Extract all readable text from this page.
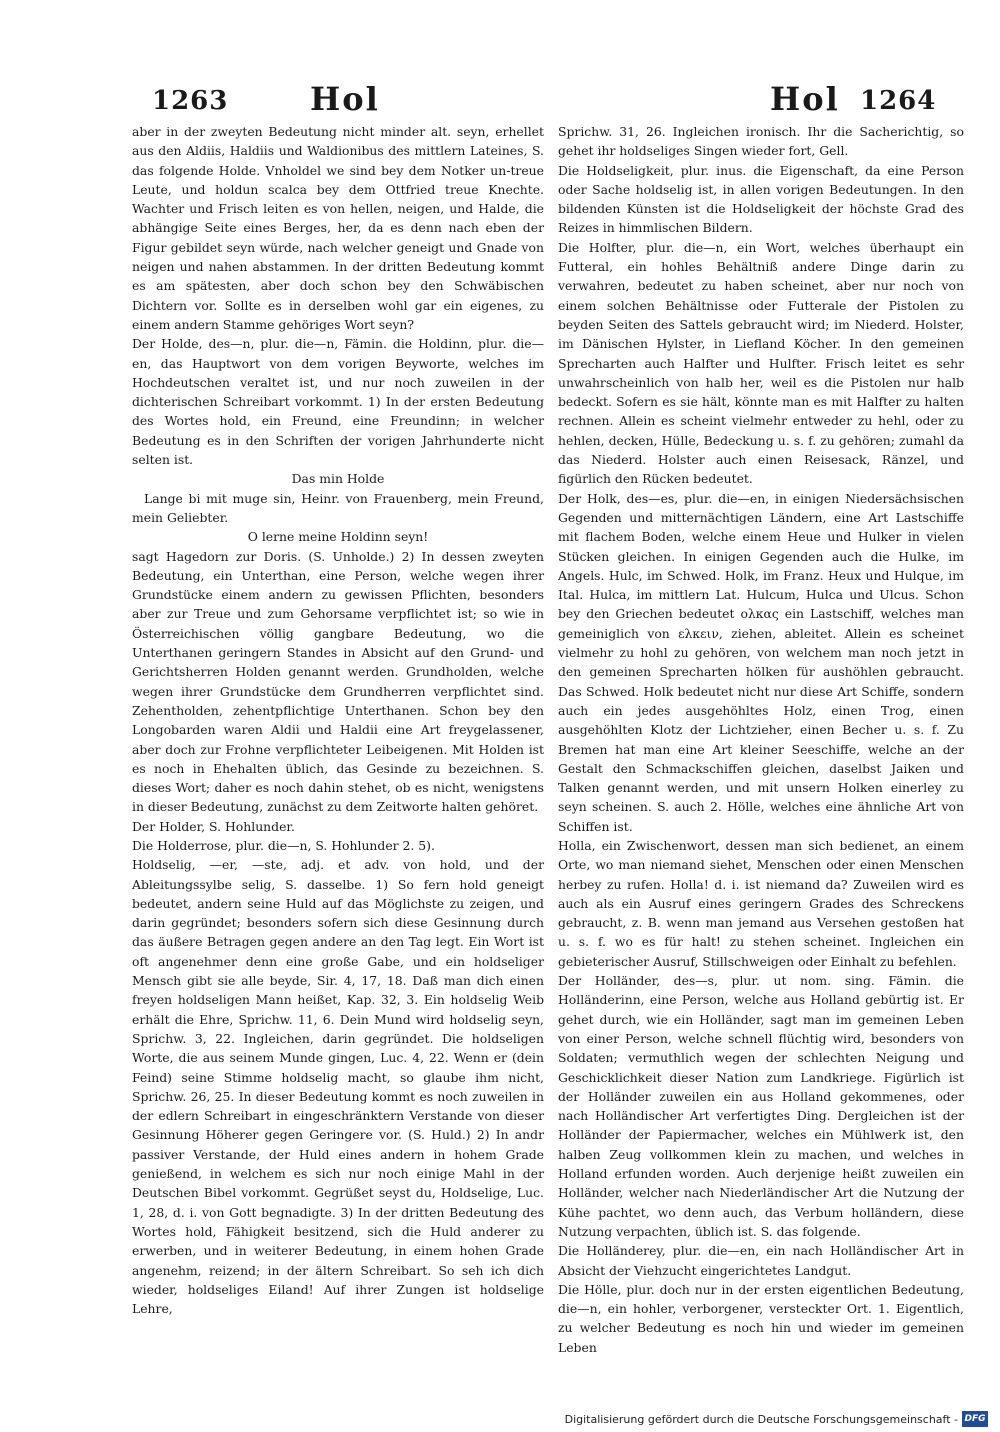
1263	Hol	Hol 1264

aber in der zweyten Bedeutung nicht minder alt. seyn, erhellet aus den Aldiis, Haldiis und Waldionibus des mittlern Lateines, S. das folgende Holde. Vnholdel we sind bey dem Notker un-treue Leute, und holdun scalca bey dem Ottfried treue Knechte. Wachter und Frisch leiten es von hellen, neigen, und Halde, die abhängige Seite eines Berges, her, da es denn nach eben der Figur gebildet seyn würde, nach welcher geneigt und Gnade von neigen und nahen abstammen. In der dritten Bedeutung kommt es am spätesten, aber doch schon bey den Schwäbischen Dichtern vor. Sollte es in derselben wohl gar ein eigenes, zu einem andern Stamme gehöriges Wort seyn?

Der Holde, des—n, plur. die—n, Fämin. die Holdinn, plur. die—en, das Hauptwort von dem vorigen Beyworte, welches im Hochdeutschen veraltet ist, und nur noch zuweilen in der dichterischen Schreibart vorkommt. 1) In der ersten Bedeutung des Wortes hold, ein Freund, eine Freundinn; in welcher Bedeutung es in den Schriften der vorigen Jahrhunderte nicht selten ist.

Das min Holde

Lange bi mit muge sin, Heinr. von Frauenberg, mein Freund, mein Geliebter.

O lerne meine Holdinn seyn!

sagt Hagedorn zur Doris. (S. Unholde.) 2) In dessen zweyten Bedeutung, ein Unterthan, eine Person, welche wegen ihrer Grundstücke einem andern zu gewissen Pflichten, besonders aber zur Treue und zum Gehorsame verpflichtet ist; so wie in Österreichischen völlig gangbare Bedeutung, wo die Unterthanen geringern Standes in Absicht auf den Grund- und Gerichtsherren Holden genannt werden. Grundholden, welche wegen ihrer Grundstücke dem Grundherren verpflichtet sind. Zehentholden, zehentpflichtige Unterthanen. Schon bey den Longobarden waren Aldii und Haldii eine Art freygelassener, aber doch zur Frohne verpflichteter Leibeigenen. Mit Holden ist es noch in Ehehalten üblich, das Gesinde zu bezeichnen. S. dieses Wort; daher es noch dahin stehet, ob es nicht, wenigstens in dieser Bedeutung, zunächst zu dem Zeitworte halten gehöret.

Der Holder, S. Hohlunder.

Die Holderrose, plur. die—n, S. Hohlunder 2. 5).

Holdselig, —er, —ste, adj. et adv. von hold, und der Ableitungssylbe selig, S. dasselbe. 1) So fern hold geneigt bedeutet, andern seine Huld auf das Möglichste zu zeigen, und darin gegründet; besonders sofern sich diese Gesinnung durch das äußere Betragen gegen andere an den Tag legt. Ein Wort ist oft angenehmer denn eine große Gabe, und ein holdseliger Mensch gibt sie alle beyde, Sir. 4, 17, 18. Daß man dich einen freyen holdseligen Mann heißet, Kap. 32, 3. Ein holdselig Weib erhält die Ehre, Sprichw. 11, 6. Dein Mund wird holdselig seyn, Sprichw. 3, 22. Ingleichen, darin gegründet. Die holdseligen Worte, die aus seinem Munde gingen, Luc. 4, 22. Wenn er (dein Feind) seine Stimme holdselig macht, so glaube ihm nicht, Sprichw. 26, 25. In dieser Bedeutung kommt es noch zuweilen in der edlern Schreibart in eingeschränktern Verstande von dieser Gesinnung Höherer gegen Geringere vor. (S. Huld.) 2) In andr passiver Verstande, der Huld eines andern in hohem Grade genießend, in welchem es sich nur noch einige Mahl in der Deutschen Bibel vorkommt. Gegrüßet seyst du, Holdselige, Luc. 1, 28, d. i. von Gott begnadigte. 3) In der dritten Bedeutung des Wortes hold, Fähigkeit besitzend, sich die Huld anderer zu erwerben, und in weiterer Bedeutung, in einem hohen Grade angenehm, reizend; in der ältern Schreibart. So seh ich dich wieder, holdseliges Eiland! Auf ihrer Zungen ist holdselige Lehre,

Sprichw. 31, 26. Ingleichen ironisch. Ihr die Sacherichtig, so gehet ihr holdseliges Singen wieder fort, Gell.

Die Holdseligkeit, plur. inus. die Eigenschaft, da eine Person oder Sache holdselig ist, in allen vorigen Bedeutungen. In den bildenden Künsten ist die Holdseligkeit der höchste Grad des Reizes in himmlischen Bildern.

Die Holfter, plur. die—n, ein Wort, welches überhaupt ein Futteral, ein hohles Behältniß andere Dinge darin zu verwahren, bedeutet zu haben scheinet, aber nur noch von einem solchen Behältnisse oder Futterale der Pistolen zu beyden Seiten des Sattels gebraucht wird; im Niederd. Holster, im Dänischen Hylster, in Liefland Köcher. In den gemeinen Sprecharten auch Halfter und Hulfter. Frisch leitet es sehr unwahrscheinlich von halb her, weil es die Pistolen nur halb bedeckt. Sofern es sie hält, könnte man es mit Halfter zu halten rechnen. Allein es scheint vielmehr entweder zu hehl, oder zu hehlen, decken, Hülle, Bedeckung u. s. f. zu gehören; zumahl da das Niederd. Holster auch einen Reisesack, Ränzel, und figürlich den Rücken bedeutet.

Der Holk, des—es, plur. die—en, in einigen Niedersächsischen Gegenden und mitternächtigen Ländern, eine Art Lastschiffe mit flachem Boden, welche einem Heue und Hulker in vielen Stücken gleichen. In einigen Gegenden auch die Hulke, im Angels. Hulc, im Schwed. Holk, im Franz. Heux und Hulque, im Ital. Hulca, im mittlern Lat. Hulcum, Hulca und Ulcus. Schon bey den Griechen bedeutet ολκας ein Lastschiff, welches man gemeiniglich von ελκειν, ziehen, ableitet. Allein es scheinet vielmehr zu hohl zu gehören, von welchem man noch jetzt in den gemeinen Sprecharten hölken für aushöhlen gebraucht. Das Schwed. Holk bedeutet nicht nur diese Art Schiffe, sondern auch ein jedes ausgehöhltes Holz, einen Trog, einen ausgehöhlten Klotz der Lichtzieher, einen Becher u. s. f. Zu Bremen hat man eine Art kleiner Seeschiffe, welche an der Gestalt den Schmackschiffen gleichen, daselbst Jaiken und Talken genannt werden, und mit unsern Holken einerley zu seyn scheinen. S. auch 2. Hölle, welches eine ähnliche Art von Schiffen ist.

Holla, ein Zwischenwort, dessen man sich bedienet, an einem Orte, wo man niemand siehet, Menschen oder einen Menschen herbey zu rufen. Holla! d. i. ist niemand da? Zuweilen wird es auch als ein Ausruf eines geringern Grades des Schreckens gebraucht, z. B. wenn man jemand aus Versehen gestoßen hat u. s. f. wo es für halt! zu stehen scheinet. Ingleichen ein gebieterischer Ausruf, Stillschweigen oder Einhalt zu befehlen.

Der Holländer, des—s, plur. ut nom. sing. Fämin. die Holländerinn, eine Person, welche aus Holland gebürtig ist. Er gehet durch, wie ein Holländer, sagt man im gemeinen Leben von einer Person, welche schnell flüchtig wird, besonders von Soldaten; vermuthlich wegen der schlechten Neigung und Geschicklichkeit dieser Nation zum Landkriege. Figürlich ist der Holländer zuweilen ein aus Holland gekommenes, oder nach Holländischer Art verfertigtes Ding. Dergleichen ist der Holländer der Papiermacher, welches ein Mühlwerk ist, den halben Zeug vollkommen klein zu machen, und welches in Holland erfunden worden. Auch derjenige heißt zuweilen ein Holländer, welcher nach Niederländischer Art die Nutzung der Kühe pachtet, wo denn auch, das Verbum holländern, diese Nutzung verpachten, üblich ist. S. das folgende.

Die Holländerey, plur. die—en, ein nach Holländischer Art in Absicht der Viehzucht eingerichtetes Landgut.

Die Hölle, plur. doch nur in der ersten eigentlichen Bedeutung, die—n, ein hohler, verborgener, versteckter Ort. 1. Eigentlich, zu welcher Bedeutung es noch hin und wieder im gemeinen Leben

Digitalisierung gefördert durch die Deutsche Forschungsgemeinschaft - DFG
